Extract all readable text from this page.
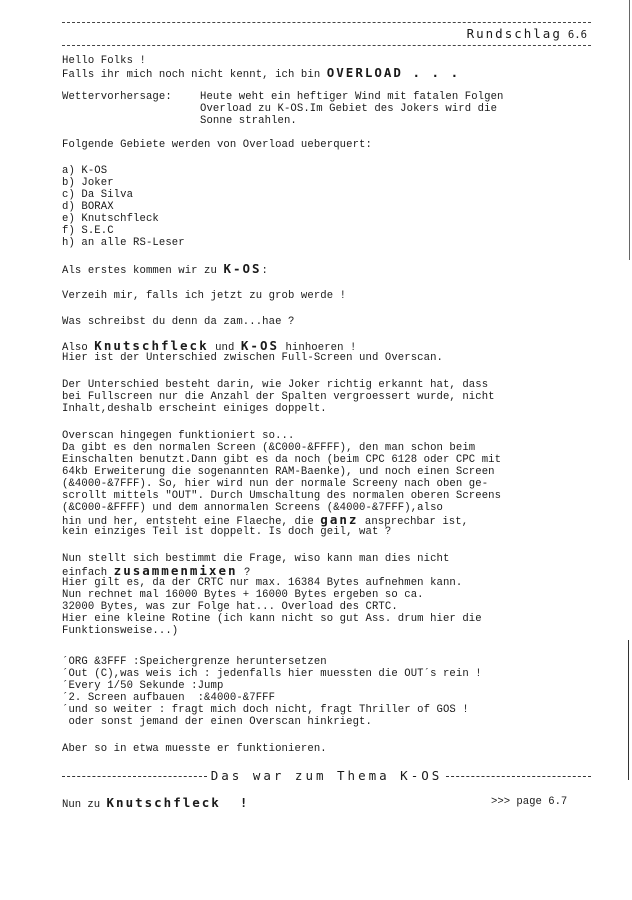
Rundschlag 6.6
Hello Folks !
Falls ihr mich noch nicht kennt, ich bin OVERLOAD . . .
Wettervorhersage:	Heute weht ein heftiger Wind mit fatalen Folgen
Overload zu K-OS.Im Gebiet des Jokers wird die
Sonne strahlen.
Folgende Gebiete werden von Overload ueberquert:
a) K-OS
b) Joker
c) Da Silva
d) BORAX
e) Knutschfleck
f) S.E.C
h) an alle RS-Leser
Als erstes kommen wir zu K-OS:
Verzeih mir, falls ich jetzt zu grob werde !
Was schreibst du denn da zam...hae ?
Also Knutschfleck und K-OS hinhoeren !
Hier ist der Unterschied zwischen Full-Screen und Overscan.
Der Unterschied besteht darin, wie Joker richtig erkannt hat, dass
bei Fullscreen nur die Anzahl der Spalten vergroessert wurde, nicht
Inhalt,deshalb erscheint einiges doppelt.
Overscan hingegen funktioniert so...
Da gibt es den normalen Screen (&C000-&FFFF), den man schon beim
Einschalten benutzt.Dann gibt es da noch (beim CPC 6128 oder CPC mit
64kb Erweiterung die sogenannten RAM-Baenke), und noch einen Screen
(&4000-&7FFF). So, hier wird nun der normale Screeny nach oben ge-
scrollt mittels "OUT". Durch Umschaltung des normalen oberen Screens
(&C000-&FFFF) und dem annormalen Screens (&4000-&7FFF),also
hin und her, entsteht eine Flaeche, die ganz ansprechbar ist,
kein einziges Teil ist doppelt. Is doch geil, wat ?
Nun stellt sich bestimmt die Frage, wiso kann man dies nicht
einfach zusammenmixen ?
Hier gilt es, da der CRTC nur max. 16384 Bytes aufnehmen kann.
Nun rechnet mal 16000 Bytes + 16000 Bytes ergeben so ca.
32000 Bytes, was zur Folge hat... Overload des CRTC.
Hier eine kleine Rotine (ich kann nicht so gut Ass. drum hier die
Funktionsweise...)
´ORG &3FFF :Speichergrenze heruntersetzen
´Out (C),was weis ich : jedenfalls hier muessten die OUT´s rein !
´Every 1/50 Sekunde :Jump
´2. Screen aufbauen  :&4000-&7FFF
´und so weiter : fragt mich doch nicht, fragt Thriller of GOS !
oder sonst jemand der einen Overscan hinkriegt.
Aber so in etwa muesste er funktionieren.
Das war zum Thema K-OS
Nun zu Knutschfleck  !	>>> page 6.7
